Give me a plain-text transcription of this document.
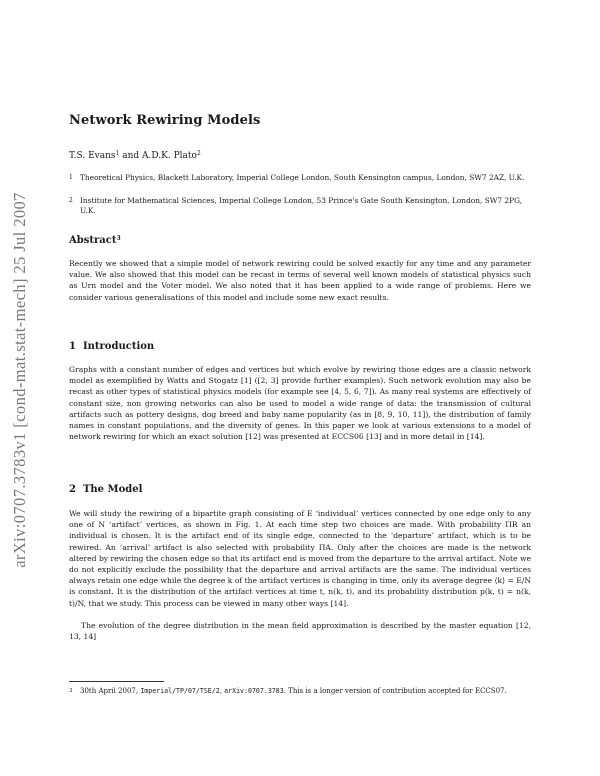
arXiv:0707.3783v1 [cond-mat.stat-mech] 25 Jul 2007
Network Rewiring Models
T.S. Evans$^1$ and A.D.K. Plato$^2$
1 Theoretical Physics, Blackett Laboratory, Imperial College London, South Kensington campus, London, SW7 2AZ, U.K.
2 Institute for Mathematical Sciences, Imperial College London, 53 Prince's Gate South Kensington, London, SW7 2PG, U.K.
Abstract$^3$

Recently we showed that a simple model of network rewiring could be solved exactly for any time and any parameter value. We also showed that this model can be recast in terms of several well known models of statistical physics such as Urn model and the Voter model. We also noted that it has been applied to a wide range of problems. Here we consider various generalisations of this model and include some new exact results.

1 Introduction

Graphs with a constant number of edges and vertices but which evolve by rewiring those edges are a classic network model as exemplified by Watts and Stogatz [1] ([2, 3] provide further examples). Such network evolution may also be recast as other types of statistical physics models (for example see [4, 5, 6, 7]). As many real systems are effectively of constant size, non growing networks can also be used to model a wide range of data: the transmission of cultural artifacts such as pottery designs, dog breed and baby name popularity (as in [8, 9, 10, 11]), the distribution of family names in constant populations, and the diversity of genes. In this paper we look at various extensions to a model of network rewiring for which an exact solution [12] was presented at ECCS06 [13] and in more detail in [14].

2 The Model

We will study the rewiring of a bipartite graph consisting of E ‘individual’ vertices connected by one edge only to any one of N ‘artifact’ vertices, as shown in Fig. 1. At each time step two choices are made. With probability ΠR an individual is chosen. It is the artifact end of its single edge, connected to the ‘departure’ artifact, which is to be rewired. An ‘arrival’ artifact is also selected with probability ΠA. Only after the choices are made is the network altered by rewiring the chosen edge so that its artifact end is moved from the departure to the arrival artifact. Note we do not explicitly exclude the possibility that the departure and arrival artifacts are the same. The individual vertices always retain one edge while the degree k of the artifact vertices is changing in time, only its average degree ⟨k⟩ = E/N is constant. It is the distribution of the artifact vertices at time t, n(k, t), and its probability distribution p(k, t) = n(k, t)/N, that we study. This process can be viewed in many other ways [14].

The evolution of the degree distribution in the mean field approximation is described by the master equation [12, 13, 14]

3 30th April 2007, Imperial/TP/07/TSE/2, arXiv:0707.3783. This is a longer version of contribution accepted for ECCS07.
